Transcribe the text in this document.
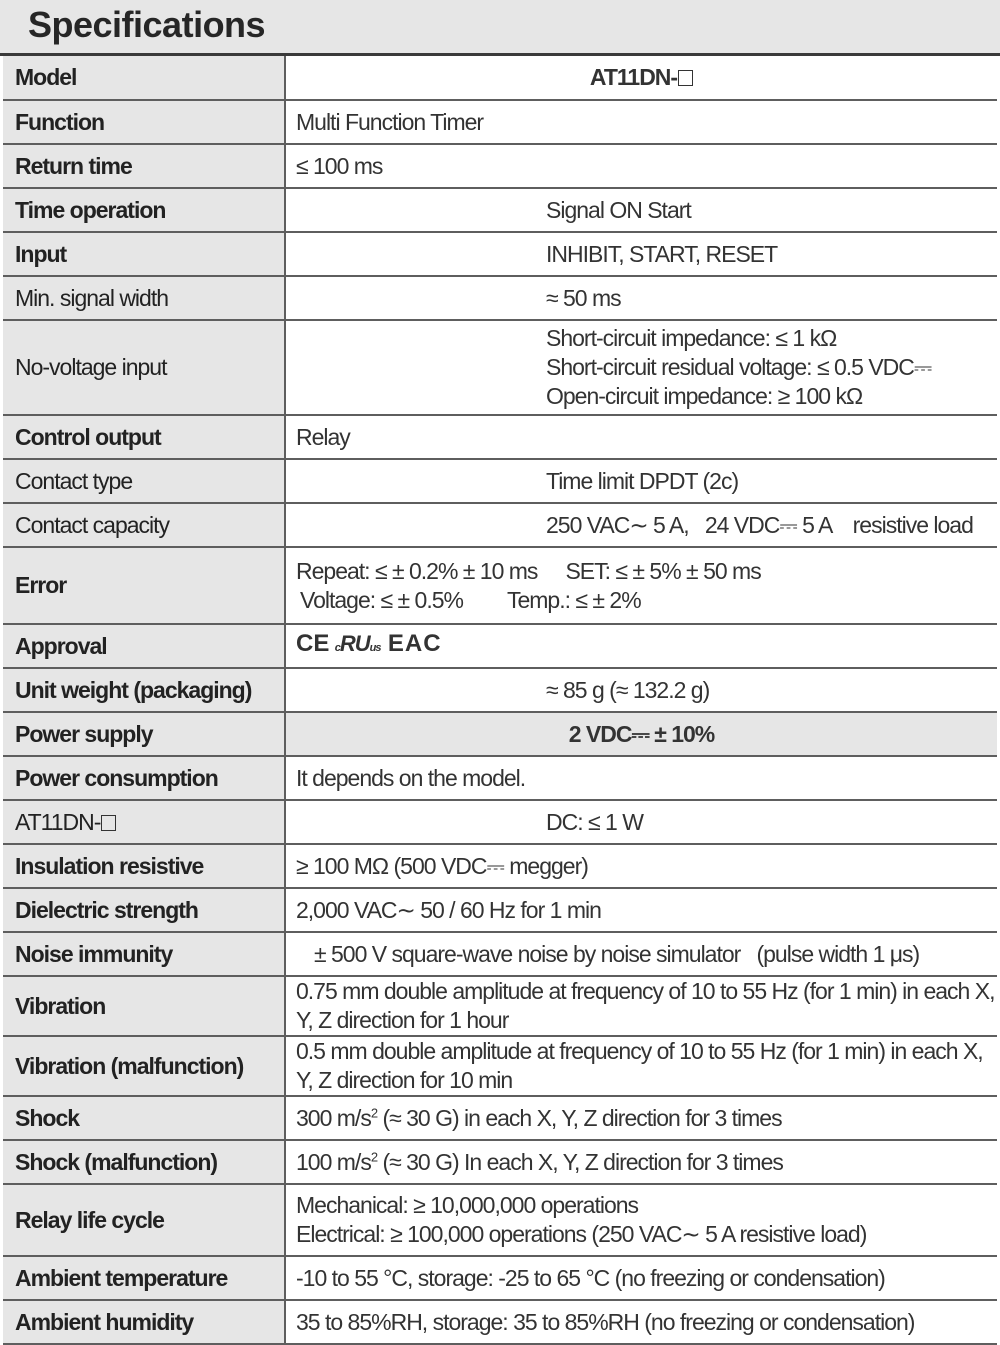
Specifications
Model	AT11DN-
Function	Multi Function Timer
Return time	≤ 100 ms
Time operation	Signal ON Start
Input	INHIBIT, START, RESET
Min. signal width	≈ 50 ms
No-voltage input	Short-circuit impedance: ≤ 1 kΩ
Short-circuit residual voltage: ≤ 0.5 VDC⎓
Open-circuit impedance: ≥ 100 kΩ

Control output	Relay
Contact type	Time limit DPDT (2c)
Contact capacity	250 VAC∼ 5 A,   24 VDC⎓ 5 A    resistive load
Error	Repeat: ≤ ± 0.2% ± 10 ms SET: ≤ ± 5% ± 50 ms
Voltage: ≤ ± 0.5% Temp.: ≤ ± 2%

Approval	CE cRUus EAC
Unit weight (packaging)	≈ 85 g (≈ 132.2 g)
Power supply	2 VDC⎓ ± 10%
Power consumption	It depends on the model.
AT11DN-	DC: ≤ 1 W
Insulation resistive	≥ 100 MΩ (500 VDC⎓ megger)
Dielectric strength	2,000 VAC∼ 50 / 60 Hz for 1 min
Noise immunity	± 500 V square-wave noise by noise simulator   (pulse width 1 μs)
Vibration	0.75 mm double amplitude at frequency of 10 to 55 Hz (for 1 min) in each X, Y, Z direction for 1 hour
Vibration (malfunction)	0.5 mm double amplitude at frequency of 10 to 55 Hz (for 1 min) in each X, Y, Z direction for 10 min
Shock	300 $m/s^2$ (≈ 30 G) in each X, Y, Z direction for 3 times
Shock (malfunction)	100 $m/s^2$ (≈ 30 G) In each X, Y, Z direction for 3 times
Relay life cycle	Mechanical: ≥ 10,000,000 operations
Electrical: ≥ 100,000 operations (250 VAC∼ 5 A resistive load)

Ambient temperature	-10 to 55 °C, storage: -25 to 65 °C (no freezing or condensation)
Ambient humidity	35 to 85%RH, storage: 35 to 85%RH (no freezing or condensation)
